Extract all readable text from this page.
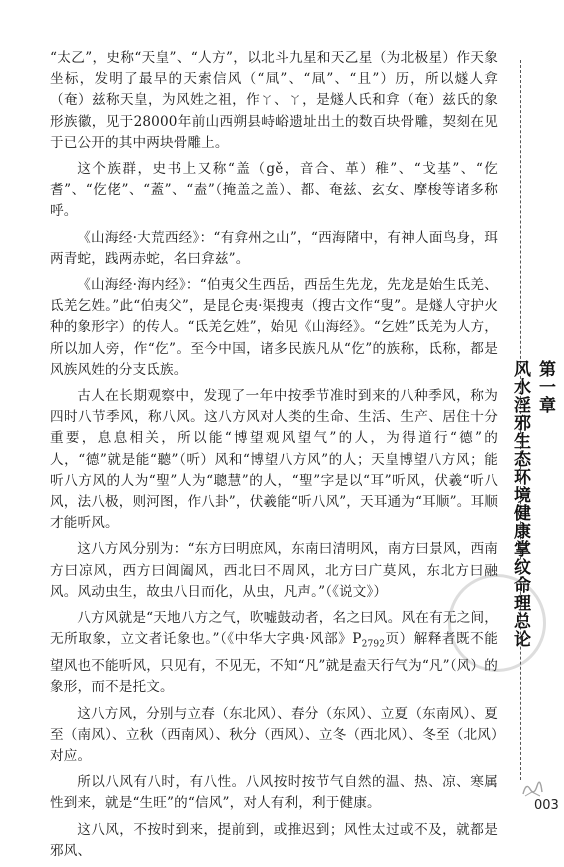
“太乙”，史称“天皇”、“人方”，以北斗九星和天乙星（为北极星）作天象坐标，发明了最早的天索信风（“凬”、“凬”、“且”）历，所以燧人弇（奄）兹称天皇，为风姓之祖，作ㄚ、ㄚ，是燧人氏和弇（奄）兹氏的象形族徽，见于28000年前山西朔县峙峪遗址出土的数百块骨雕，契刻在见于已公开的其中两块骨雕上。

这个族群，史书上又称“盖（gě，音合、革）稚”、“戈基”、“仡耆”、“仡佬”、“蓋”、“盍”（掩盖之盖）、都、奄兹、玄女、摩梭等诸多称呼。

《山海经·大荒西经》：“有弇州之山”，“西海陼中，有神人面鸟身，珥两青蛇，践两赤蛇，名曰弇兹”。

《山海经·海内经》：“伯夷父生西岳，西岳生先龙，先龙是始生氐羌、氐羌乞姓。”此“伯夷父”，是昆仑夷·渠搜夷（搜古文作“叟”。是燧人守护火种的象形字）的传人。“氐羌乞姓”，始见《山海经》。“乞姓”氐羌为人方，所以加人旁，作“仡”。至今中国，诸多民族凡从“仡”的族称，氐称，都是风族风姓的分支氐族。

古人在长期观察中，发现了一年中按季节准时到来的八种季风，称为四时八节季风，称八风。这八方风对人类的生命、生活、生产、居住十分重要，息息相关，所以能“博望观风望气”的人，为得道行“德”的人，“德”就是能“聽”（听）风和“博望八方风”的人；天皇博望八方风；能听八方风的人为“聖”人为“聰慧”的人，“聖”字是以“耳”听风，伏羲“听八风，法八极，则河图，作八卦”，伏羲能“听八风”，天耳通为“耳顺”。耳顺才能听风。

这八方风分别为：“东方曰明庶风，东南曰清明风，南方曰景风，西南方曰凉风，西方曰阊阖风，西北曰不周风，北方曰广莫风，东北方曰融风。风动虫生，故虫八日而化，从虫，凡声。”（《说文》）

八方风就是“天地八方之气，吹嘘鼓动者，名之曰风。风在有无之间，无所取象，立文者讬象也。”（《中华大字典·风部》$P_{2792}$页）解释者既不能望风也不能听风，只见有，不见无，不知“凡”就是盍天行气为“凡”（风）的象形，而不是托文。

这八方风，分别与立春（东北风）、春分（东风）、立夏（东南风）、夏至（南风）、立秋（西南风）、秋分（西风）、立冬（西北风）、冬至（北风）对应。

所以八风有八时，有八性。八风按时按节气自然的温、热、凉、寒属性到来，就是“生旺”的“信风”，对人有利，利于健康。

这八风，不按时到来，提前到，或推迟到；风性太过或不及，就都是邪风、

第一章
风水淫邪生态环境健康掌纹命理总论
003
